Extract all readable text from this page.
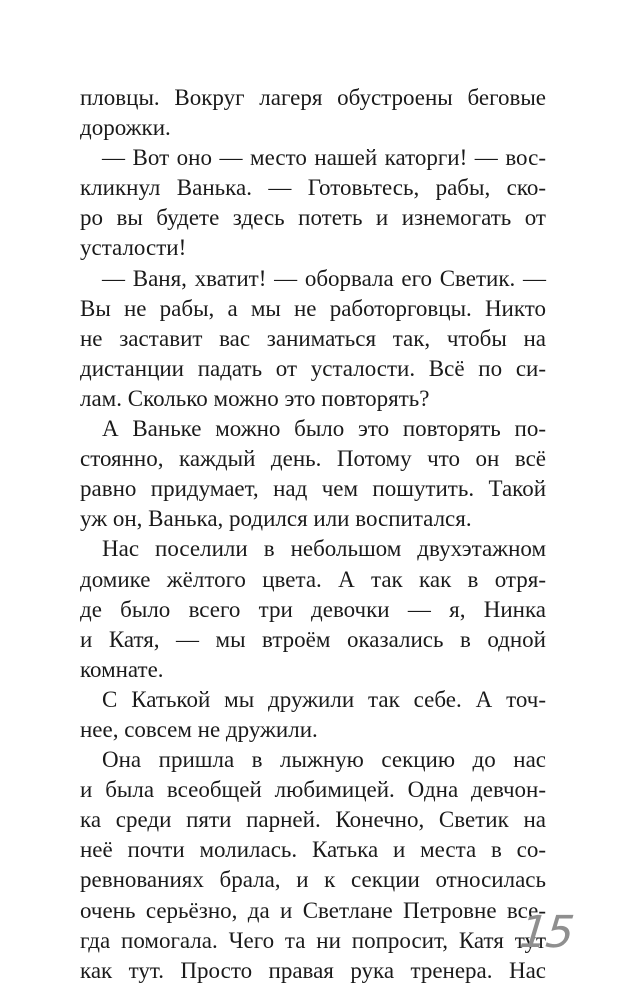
пловцы. Вокруг лагеря обустроены беговые
дорожки.
— Вот оно — место нашей каторги! — вос-
кликнул Ванька. — Готовьтесь, рабы, ско-
ро вы будете здесь потеть и изнемогать от
усталости!
— Ваня, хватит! — оборвала его Светик. —
Вы не рабы, а мы не работорговцы. Никто
не заставит вас заниматься так, чтобы на
дистанции падать от усталости. Всё по си-
лам. Сколько можно это повторять?
А Ваньке можно было это повторять по-
стоянно, каждый день. Потому что он всё
равно придумает, над чем пошутить. Такой
уж он, Ванька, родился или воспитался.
Нас поселили в небольшом двухэтажном
домике жёлтого цвета. А так как в отря-
де было всего три девочки — я, Нинка
и Катя, — мы втроём оказались в одной
комнате.
С Катькой мы дружили так себе. А точ-
нее, совсем не дружили.
Она пришла в лыжную секцию до нас
и была всеобщей любимицей. Одна девчон-
ка среди пяти парней. Конечно, Светик на
неё почти молилась. Катька и места в со-
ревнованиях брала, и к секции относилась
очень серьёзно, да и Светлане Петровне все-
гда помогала. Чего та ни попросит, Катя тут
как тут. Просто правая рука тренера. Нас
15
